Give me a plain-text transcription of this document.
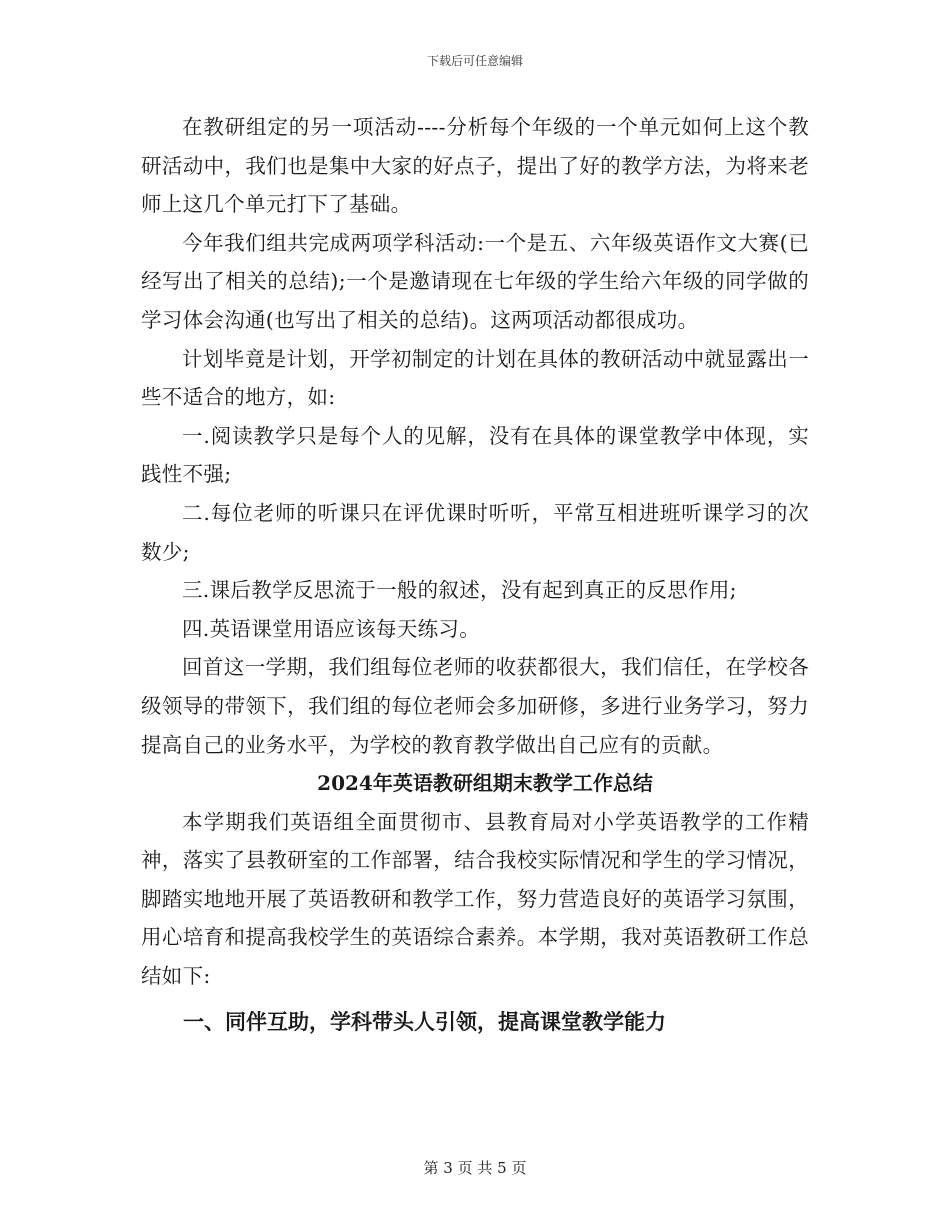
下载后可任意编辑

在教研组定的另一项活动----分析每个年级的一个单元如何上这个教研活动中，我们也是集中大家的好点子，提出了好的教学方法，为将来老师上这几个单元打下了基础。

今年我们组共完成两项学科活动:一个是五、六年级英语作文大赛(已经写出了相关的总结);一个是邀请现在七年级的学生给六年级的同学做的学习体会沟通(也写出了相关的总结)。这两项活动都很成功。

计划毕竟是计划，开学初制定的计划在具体的教研活动中就显露出一些不适合的地方，如:

一.阅读教学只是每个人的见解，没有在具体的课堂教学中体现，实践性不强;

二.每位老师的听课只在评优课时听听，平常互相进班听课学习的次数少;

三.课后教学反思流于一般的叙述，没有起到真正的反思作用;

四.英语课堂用语应该每天练习。

回首这一学期，我们组每位老师的收获都很大，我们信任，在学校各级领导的带领下，我们组的每位老师会多加研修，多进行业务学习，努力提高自己的业务水平，为学校的教育教学做出自己应有的贡献。

2024年英语教研组期末教学工作总结

本学期我们英语组全面贯彻市、县教育局对小学英语教学的工作精神，落实了县教研室的工作部署，结合我校实际情况和学生的学习情况，脚踏实地地开展了英语教研和教学工作，努力营造良好的英语学习氛围，用心培育和提高我校学生的英语综合素养。本学期，我对英语教研工作总结如下:

一、同伴互助，学科带头人引领，提高课堂教学能力

第 3 页 共 5 页
